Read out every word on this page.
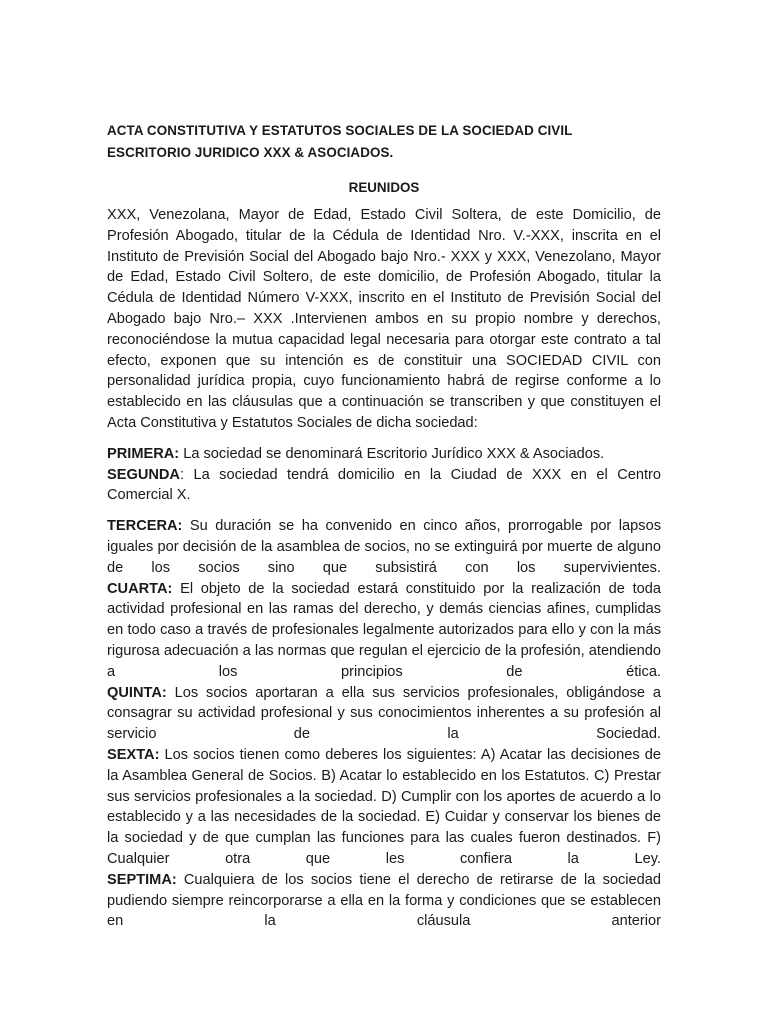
ACTA CONSTITUTIVA Y ESTATUTOS SOCIALES DE LA SOCIEDAD CIVIL

ESCRITORIO JURIDICO XXX & ASOCIADOS.

REUNIDOS

XXX, Venezolana, Mayor de Edad, Estado Civil Soltera, de este Domicilio, de Profesión Abogado, titular de la Cédula de Identidad Nro. V.-XXX, inscrita en el Instituto de Previsión Social del Abogado bajo Nro.- XXX y XXX, Venezolano, Mayor de Edad, Estado Civil Soltero, de este domicilio, de Profesión Abogado, titular la Cédula de Identidad Número V-XXX, inscrito en el Instituto de Previsión Social del Abogado bajo Nro.– XXX .Intervienen ambos en su propio nombre y derechos, reconociéndose la mutua capacidad legal necesaria para otorgar este contrato a tal efecto, exponen que su intención es de constituir una SOCIEDAD CIVIL con personalidad jurídica propia, cuyo funcionamiento habrá de regirse conforme a lo establecido en las cláusulas que a continuación se transcriben y que constituyen el Acta Constitutiva y Estatutos Sociales de dicha sociedad:

PRIMERA: La sociedad se denominará Escritorio Jurídico XXX & Asociados.
SEGUNDA: La sociedad tendrá domicilio en la Ciudad de XXX en el Centro Comercial X.

TERCERA: Su duración se ha convenido en cinco años, prorrogable por lapsos iguales por decisión de la asamblea de socios, no se extinguirá por muerte de alguno de los socios sino que subsistirá con los supervivientes.
CUARTA: El objeto de la sociedad estará constituido por la realización de toda actividad profesional en las ramas del derecho, y demás ciencias afines, cumplidas en todo caso a través de profesionales legalmente autorizados para ello y con la más rigurosa adecuación a las normas que regulan el ejercicio de la profesión, atendiendo a los principios de ética.
QUINTA: Los socios aportaran a ella sus servicios profesionales, obligándose a consagrar su actividad profesional y sus conocimientos inherentes a su profesión al servicio de la Sociedad.
SEXTA: Los socios tienen como deberes los siguientes: A) Acatar las decisiones de la Asamblea General de Socios. B) Acatar lo establecido en los Estatutos. C) Prestar sus servicios profesionales a la sociedad. D) Cumplir con los aportes de acuerdo a lo establecido y a las necesidades de la sociedad. E) Cuidar y conservar los bienes de la sociedad y de que cumplan las funciones para las cuales fueron destinados. F) Cualquier otra que les confiera la Ley.
SEPTIMA: Cualquiera de los socios tiene el derecho de retirarse de la sociedad pudiendo siempre reincorporarse a ella en la forma y condiciones que se establecen en la cláusula anterior
